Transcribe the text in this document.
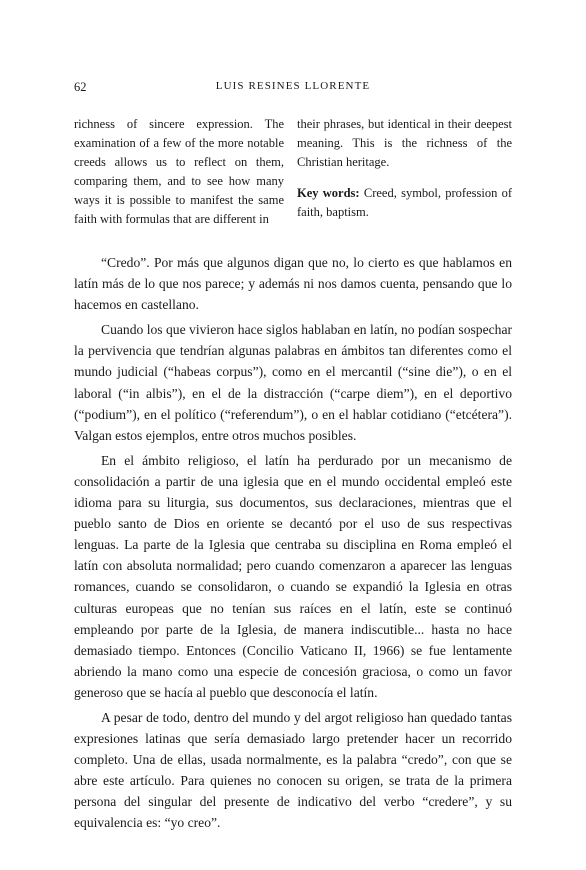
62	LUIS RESINES LLORENTE

richness of sincere expression. The examination of a few of the more notable creeds allows us to reflect on them, comparing them, and to see how many ways it is possible to manifest the same faith with formulas that are different in

their phrases, but identical in their deepest meaning. This is the richness of the Christian heritage.

Key words: Creed, symbol, profession of faith, baptism.

“Credo”. Por más que algunos digan que no, lo cierto es que hablamos en latín más de lo que nos parece; y además ni nos damos cuenta, pensando que lo hacemos en castellano.

Cuando los que vivieron hace siglos hablaban en latín, no podían sospechar la pervivencia que tendrían algunas palabras en ámbitos tan diferentes como el mundo judicial (“habeas corpus”), como en el mercantil (“sine die”), o en el laboral (“in albis”), en el de la distracción (“carpe diem”), en el deportivo (“podium”), en el político (“referendum”), o en el hablar cotidiano (“etcétera”). Valgan estos ejemplos, entre otros muchos posibles.

En el ámbito religioso, el latín ha perdurado por un mecanismo de consolidación a partir de una iglesia que en el mundo occidental empleó este idioma para su liturgia, sus documentos, sus declaraciones, mientras que el pueblo santo de Dios en oriente se decantó por el uso de sus respectivas lenguas. La parte de la Iglesia que centraba su disciplina en Roma empleó el latín con absoluta normalidad; pero cuando comenzaron a aparecer las lenguas romances, cuando se consolidaron, o cuando se expandió la Iglesia en otras culturas europeas que no tenían sus raíces en el latín, este se continuó empleando por parte de la Iglesia, de manera indiscutible... hasta no hace demasiado tiempo. Entonces (Concilio Vaticano II, 1966) se fue lentamente abriendo la mano como una especie de concesión graciosa, o como un favor generoso que se hacía al pueblo que desconocía el latín.

A pesar de todo, dentro del mundo y del argot religioso han quedado tantas expresiones latinas que sería demasiado largo pretender hacer un recorrido completo. Una de ellas, usada normalmente, es la palabra “credo”, con que se abre este artículo. Para quienes no conocen su origen, se trata de la primera persona del singular del presente de indicativo del verbo “credere”, y su equivalencia es: “yo creo”.
